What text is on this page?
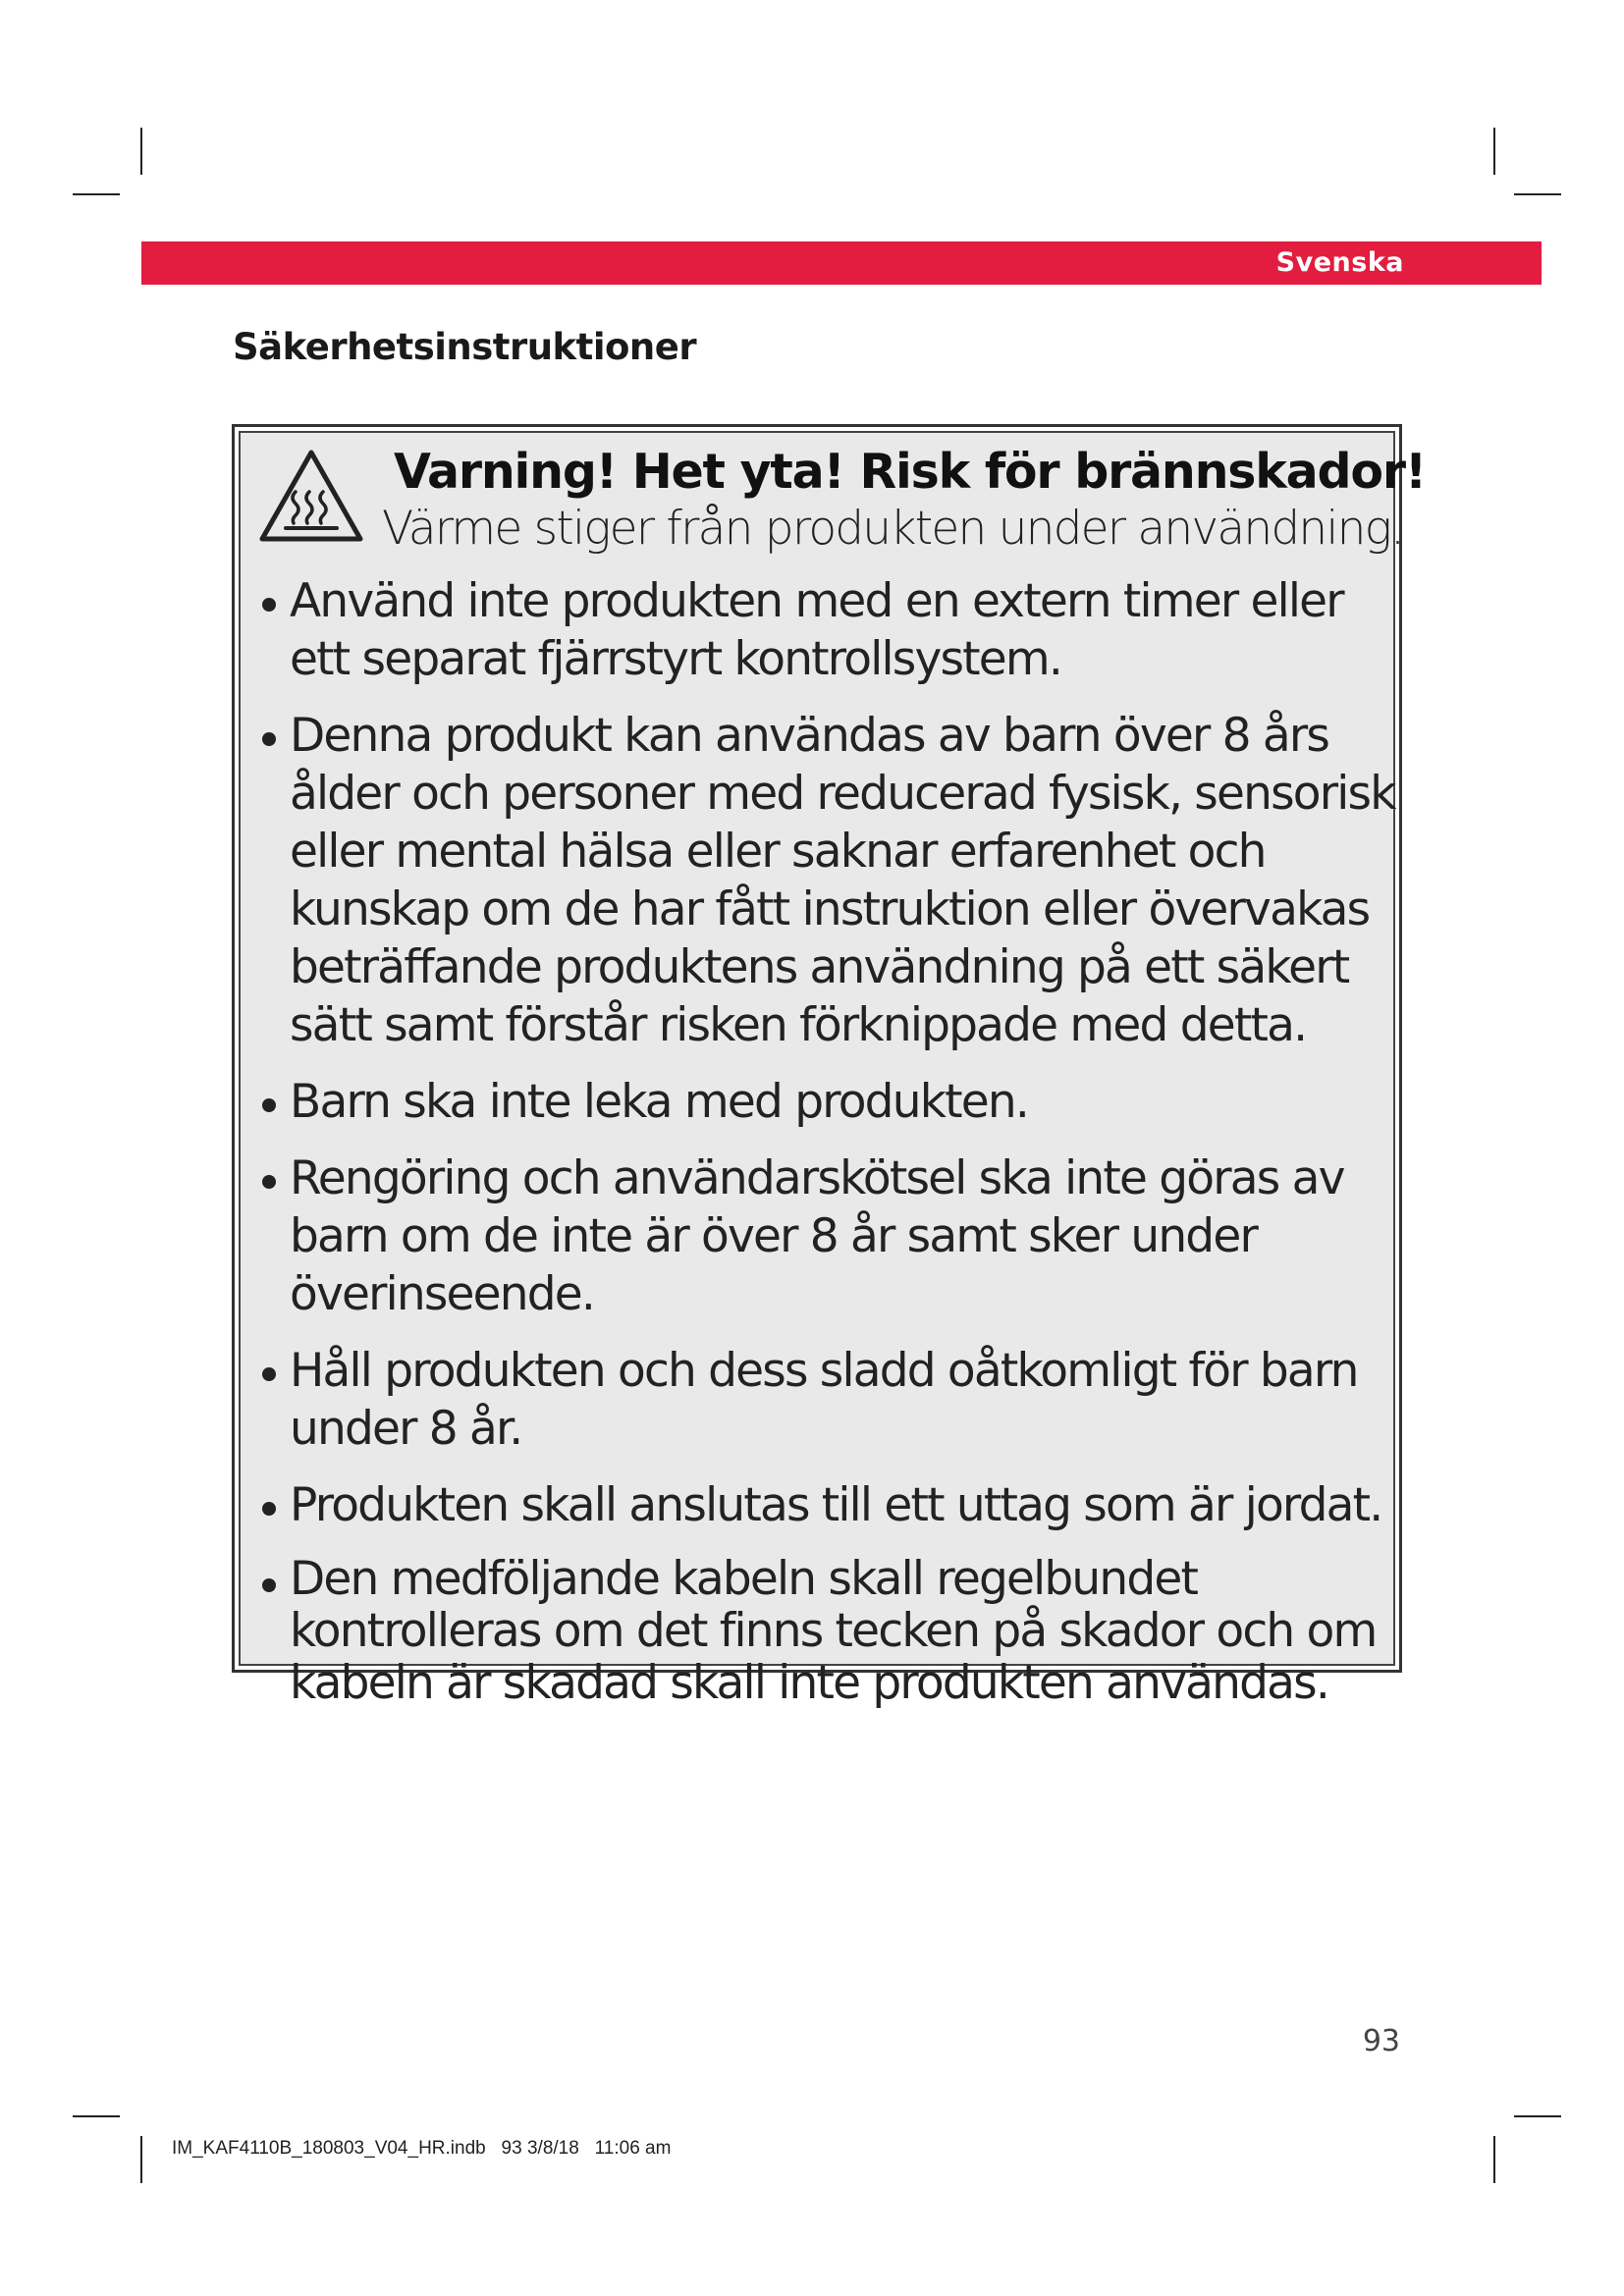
Svenska
Säkerhetsinstruktioner
Varning! Het yta! Risk för brännskador!
Värme stiger från produkten under användning.
Använd inte produkten med en extern timer eller ett separat fjärrstyrt kontrollsystem.
Denna produkt kan användas av barn över 8 års ålder och personer med reducerad fysisk, sensorisk eller mental hälsa eller saknar erfarenhet och kunskap om de har fått instruktion eller övervakas beträffande produktens användning på ett säkert sätt samt förstår risken förknippade med detta.
Barn ska inte leka med produkten.
Rengöring och användarskötsel ska inte göras av barn om de inte är över 8 år samt sker under överinseende.
Håll produkten och dess sladd oåtkomligt för barn under 8 år.
Produkten skall anslutas till ett uttag som är jordat.
Den medföljande kabeln skall regelbundet kontrolleras om det finns tecken på skador och om kabeln är skadad skall inte produkten användas.
93
IM_KAF4110B_180803_V04_HR.indb   93 3/8/18   11:06 am
